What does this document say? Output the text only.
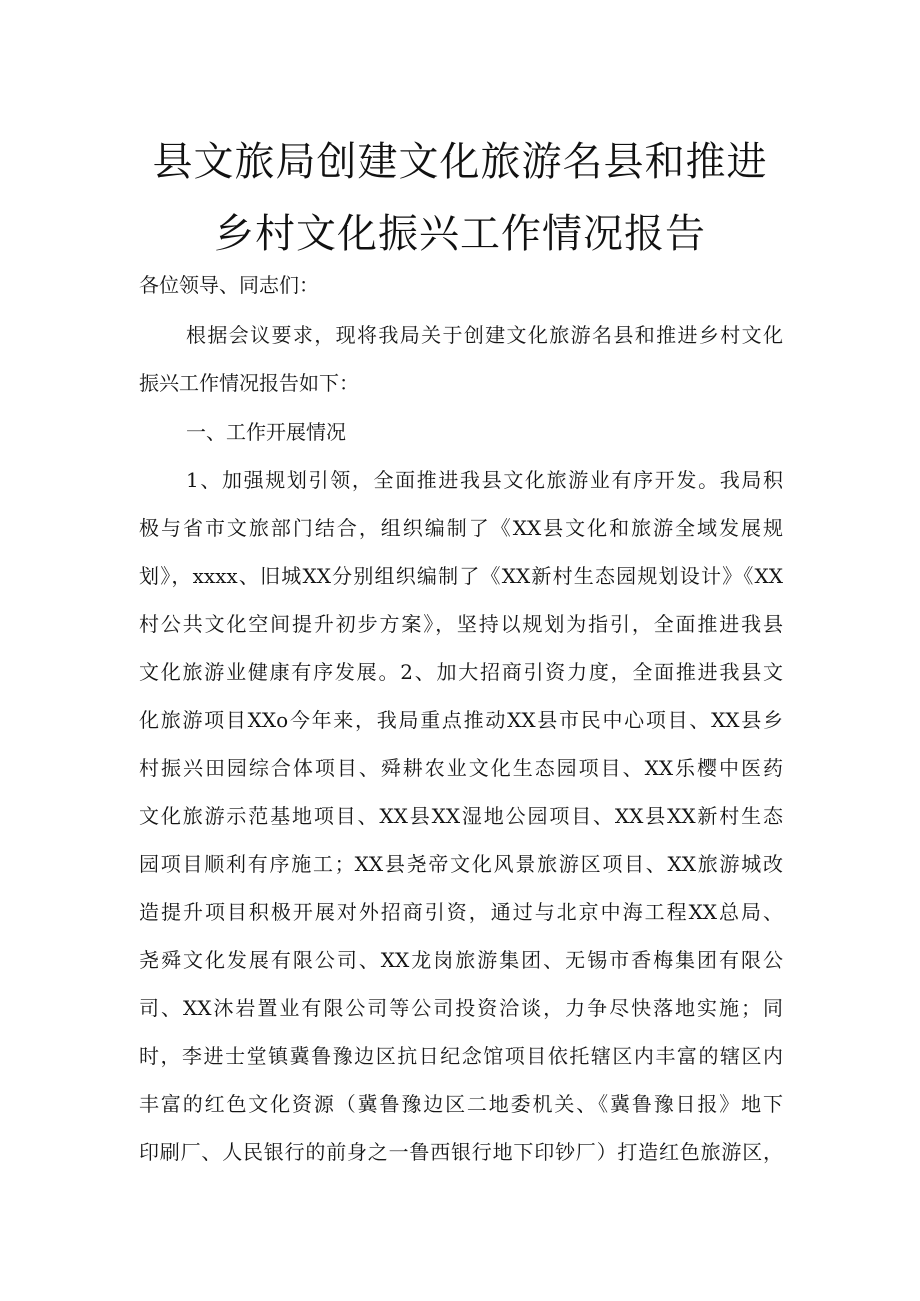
县文旅局创建文化旅游名县和推进
乡村文化振兴工作情况报告
各位领导、同志们：
根据会议要求，现将我局关于创建文化旅游名县和推进乡村文化
振兴工作情况报告如下：
一、工作开展情况
1、加强规划引领，全面推进我县文化旅游业有序开发。我局积
极与省市文旅部门结合，组织编制了《XX县文化和旅游全域发展规
划》，xxxx、旧城XX分别组织编制了《XX新村生态园规划设计》《XX
村公共文化空间提升初步方案》，坚持以规划为指引，全面推进我县
文化旅游业健康有序发展。2、加大招商引资力度，全面推进我县文
化旅游项目XXo今年来，我局重点推动XX县市民中心项目、XX县乡
村振兴田园综合体项目、舜耕农业文化生态园项目、XX乐樱中医药
文化旅游示范基地项目、XX县XX湿地公园项目、XX县XX新村生态
园项目顺利有序施工；XX县尧帝文化风景旅游区项目、XX旅游城改
造提升项目积极开展对外招商引资，通过与北京中海工程XX总局、
尧舜文化发展有限公司、XX龙岗旅游集团、无锡市香梅集团有限公
司、XX沐岩置业有限公司等公司投资洽谈，力争尽快落地实施；同
时，李进士堂镇冀鲁豫边区抗日纪念馆项目依托辖区内丰富的辖区内
丰富的红色文化资源（冀鲁豫边区二地委机关、《冀鲁豫日报》地下
印刷厂、人民银行的前身之一鲁西银行地下印钞厂）打造红色旅游区，
